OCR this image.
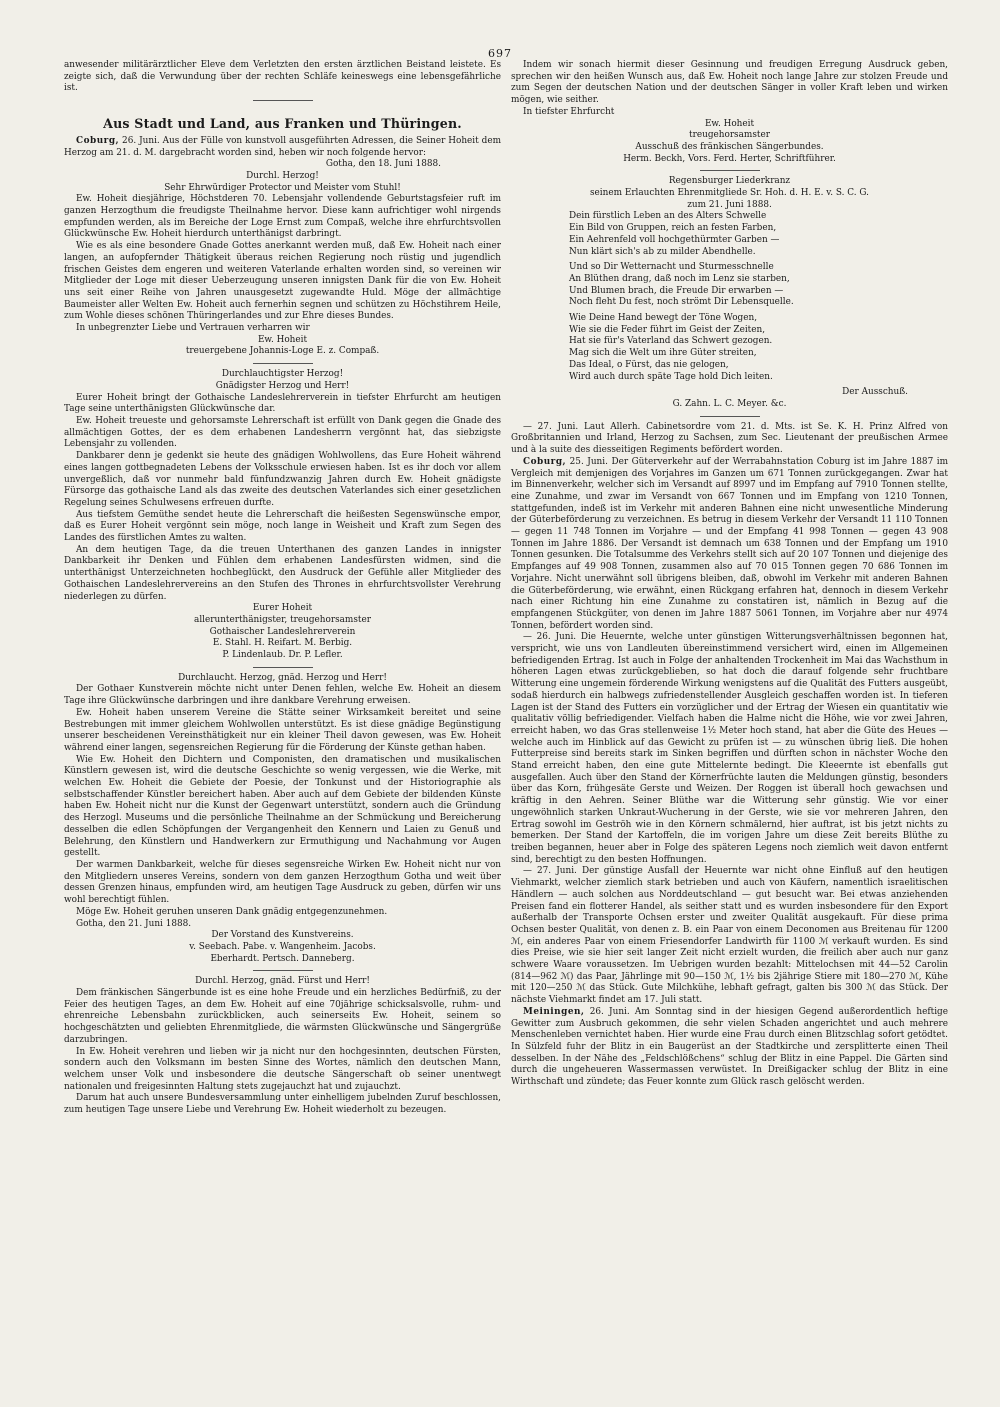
697

anwesender militärärztlicher Eleve dem Verletzten den ersten ärztlichen Beistand leistete. Es zeigte sich, daß die Verwundung über der rechten Schläfe keineswegs eine lebensgefährliche ist.

Aus Stadt und Land, aus Franken und Thüringen.

Coburg, 26. Juni. Aus der Fülle von kunstvoll ausgeführten Adressen, die Seiner Hoheit dem Herzog am 21. d. M. dargebracht worden sind, heben wir noch folgende hervor:

Gotha, den 18. Juni 1888.

Durchl. Herzog!

Sehr Ehrwürdiger Protector und Meister vom Stuhl!

Ew. Hoheit diesjährige, Höchstderen 70. Lebensjahr vollendende Geburtstagsfeier ruft im ganzen Herzogthum die freudigste Theilnahme hervor. Diese kann aufrichtiger wohl nirgends empfunden werden, als im Bereiche der Loge Ernst zum Compaß, welche ihre ehrfurchtsvollen Glückwünsche Ew. Hoheit hierdurch unterthänigst darbringt.

Wie es als eine besondere Gnade Gottes anerkannt werden muß, daß Ew. Hoheit nach einer langen, an aufopfernder Thätigkeit überaus reichen Regierung noch rüstig und jugendlich frischen Geistes dem engeren und weiteren Vaterlande erhalten worden sind, so vereinen wir Mitglieder der Loge mit dieser Ueberzeugung unseren innigsten Dank für die von Ew. Hoheit uns seit einer Reihe von Jahren unausgesetzt zugewandte Huld. Möge der allmächtige Baumeister aller Welten Ew. Hoheit auch fernerhin segnen und schützen zu Höchstihrem Heile, zum Wohle dieses schönen Thüringerlandes und zur Ehre dieses Bundes.

In unbegrenzter Liebe und Vertrauen verharren wir

Ew. Hoheit

treuergebene Johannis-Loge E. z. Compaß.

Durchlauchtigster Herzog!

Gnädigster Herzog und Herr!

Eurer Hoheit bringt der Gothaische Landeslehrerverein in tiefster Ehrfurcht am heutigen Tage seine unterthänigsten Glückwünsche dar.

Ew. Hoheit treueste und gehorsamste Lehrerschaft ist erfüllt von Dank gegen die Gnade des allmächtigen Gottes, der es dem erhabenen Landesherrn vergönnt hat, das siebzigste Lebensjahr zu vollenden.

Dankbarer denn je gedenkt sie heute des gnädigen Wohlwollens, das Eure Hoheit während eines langen gottbegnadeten Lebens der Volksschule erwiesen haben. Ist es ihr doch vor allem unvergeßlich, daß vor nunmehr bald fünfundzwanzig Jahren durch Ew. Hoheit gnädigste Fürsorge das gothaische Land als das zweite des deutschen Vaterlandes sich einer gesetzlichen Regelung seines Schulwesens erfreuen durfte.

Aus tiefstem Gemüthe sendet heute die Lehrerschaft die heißesten Segenswünsche empor, daß es Eurer Hoheit vergönnt sein möge, noch lange in Weisheit und Kraft zum Segen des Landes des fürstlichen Amtes zu walten.

An dem heutigen Tage, da die treuen Unterthanen des ganzen Landes in innigster Dankbarkeit ihr Denken und Fühlen dem erhabenen Landesfürsten widmen, sind die unterthänigst Unterzeichneten hochbeglückt, den Ausdruck der Gefühle aller Mitglieder des Gothaischen Landeslehrervereins an den Stufen des Thrones in ehrfurchtsvollster Verehrung niederlegen zu dürfen.

Eurer Hoheit

allerunterthänigster, treugehorsamster

Gothaischer Landeslehrerverein

E. Stahl. H. Reifart. M. Berbig.

P. Lindenlaub. Dr. P. Lefler.

Durchlaucht. Herzog, gnäd. Herzog und Herr!

Der Gothaer Kunstverein möchte nicht unter Denen fehlen, welche Ew. Hoheit an diesem Tage ihre Glückwünsche darbringen und ihre dankbare Verehrung erweisen.

Ew. Hoheit haben unserem Vereine die Stätte seiner Wirksamkeit bereitet und seine Bestrebungen mit immer gleichem Wohlwollen unterstützt. Es ist diese gnädige Begünstigung unserer bescheidenen Vereinsthätigkeit nur ein kleiner Theil davon gewesen, was Ew. Hoheit während einer langen, segensreichen Regierung für die Förderung der Künste gethan haben.

Wie Ew. Hoheit den Dichtern und Componisten, den dramatischen und musikalischen Künstlern gewesen ist, wird die deutsche Geschichte so wenig vergessen, wie die Werke, mit welchen Ew. Hoheit die Gebiete der Poesie, der Tonkunst und der Historiographie als selbstschaffender Künstler bereichert haben. Aber auch auf dem Gebiete der bildenden Künste haben Ew. Hoheit nicht nur die Kunst der Gegenwart unterstützt, sondern auch die Gründung des Herzogl. Museums und die persönliche Theilnahme an der Schmückung und Bereicherung desselben die edlen Schöpfungen der Vergangenheit den Kennern und Laien zu Genuß und Belehrung, den Künstlern und Handwerkern zur Ermuthigung und Nachahmung vor Augen gestellt.

Der warmen Dankbarkeit, welche für dieses segensreiche Wirken Ew. Hoheit nicht nur von den Mitgliedern unseres Vereins, sondern von dem ganzen Herzogthum Gotha und weit über dessen Grenzen hinaus, empfunden wird, am heutigen Tage Ausdruck zu geben, dürfen wir uns wohl berechtigt fühlen.

Möge Ew. Hoheit geruhen unseren Dank gnädig entgegenzunehmen.

Gotha, den 21. Juni 1888.

Der Vorstand des Kunstvereins.

v. Seebach. Pabe. v. Wangenheim. Jacobs.

Eberhardt. Pertsch. Danneberg.

Durchl. Herzog, gnäd. Fürst und Herr!

Dem fränkischen Sängerbunde ist es eine hohe Freude und ein herzliches Bedürfniß, zu der Feier des heutigen Tages, an dem Ew. Hoheit auf eine 70jährige schicksalsvolle, ruhm- und ehrenreiche Lebensbahn zurückblicken, auch seinerseits Ew. Hoheit, seinem so hochgeschätzten und geliebten Ehrenmitgliede, die wärmsten Glückwünsche und Sängergrüße darzubringen.

In Ew. Hoheit verehren und lieben wir ja nicht nur den hochgesinnten, deutschen Fürsten, sondern auch den Volksmann im besten Sinne des Wortes, nämlich den deutschen Mann, welchem unser Volk und insbesondere die deutsche Sängerschaft ob seiner unentwegt nationalen und freigesinnten Haltung stets zugejauchzt hat und zujauchzt.

Darum hat auch unsere Bundesversammlung unter einhelligem jubelnden Zuruf beschlossen, zum heutigen Tage unsere Liebe und Verehrung Ew. Hoheit wiederholt zu bezeugen.

Indem wir sonach hiermit dieser Gesinnung und freudigen Erregung Ausdruck geben, sprechen wir den heißen Wunsch aus, daß Ew. Hoheit noch lange Jahre zur stolzen Freude und zum Segen der deutschen Nation und der deutschen Sänger in voller Kraft leben und wirken mögen, wie seither.

In tiefster Ehrfurcht

Ew. Hoheit

treugehorsamster

Ausschuß des fränkischen Sängerbundes.

Herm. Beckh, Vors. Ferd. Herter, Schriftführer.

Regensburger Liederkranz

seinem Erlauchten Ehrenmitgliede Sr. Hoh. d. H. E. v. S. C. G.

zum 21. Juni 1888.

Dein fürstlich Leben an des Alters Schwelle

Ein Bild von Gruppen, reich an festen Farben,

Ein Aehrenfeld voll hochgethürmter Garben —

Nun klärt sich's ab zu milder Abendhelle.

Und so Dir Wetternacht und Sturmesschnelle

An Blüthen drang, daß noch im Lenz sie starben,

Und Blumen brach, die Freude Dir erwarben —

Noch fleht Du fest, noch strömt Dir Lebensquelle.

Wie Deine Hand bewegt der Töne Wogen,

Wie sie die Feder führt im Geist der Zeiten,

Hat sie für's Vaterland das Schwert gezogen.

Mag sich die Welt um ihre Güter streiten,

Das Ideal, o Fürst, das nie gelogen,

Wird auch durch späte Tage hold Dich leiten.

Der Ausschuß.

G. Zahn. L. C. Meyer. &c.

— 27. Juni. Laut Allerh. Cabinetsordre vom 21. d. Mts. ist Se. K. H. Prinz Alfred von Großbritannien und Irland, Herzog zu Sachsen, zum Sec. Lieutenant der preußischen Armee und à la suite des diesseitigen Regiments befördert worden.

Coburg, 25. Juni. Der Güterverkehr auf der Werrabahnstation Coburg ist im Jahre 1887 im Vergleich mit demjenigen des Vorjahres im Ganzen um 671 Tonnen zurückgegangen. Zwar hat im Binnenverkehr, welcher sich im Versandt auf 8997 und im Empfang auf 7910 Tonnen stellte, eine Zunahme, und zwar im Versandt von 667 Tonnen und im Empfang von 1210 Tonnen, stattgefunden, indeß ist im Verkehr mit anderen Bahnen eine nicht unwesentliche Minderung der Güterbeförderung zu verzeichnen. Es betrug in diesem Verkehr der Versandt 11 110 Tonnen — gegen 11 748 Tonnen im Vorjahre — und der Empfang 41 998 Tonnen — gegen 43 908 Tonnen im Jahre 1886. Der Versandt ist demnach um 638 Tonnen und der Empfang um 1910 Tonnen gesunken. Die Totalsumme des Verkehrs stellt sich auf 20 107 Tonnen und diejenige des Empfanges auf 49 908 Tonnen, zusammen also auf 70 015 Tonnen gegen 70 686 Tonnen im Vorjahre. Nicht unerwähnt soll übrigens bleiben, daß, obwohl im Verkehr mit anderen Bahnen die Güterbeförderung, wie erwähnt, einen Rückgang erfahren hat, dennoch in diesem Verkehr nach einer Richtung hin eine Zunahme zu constatiren ist, nämlich in Bezug auf die empfangenen Stückgüter, von denen im Jahre 1887 5061 Tonnen, im Vorjahre aber nur 4974 Tonnen, befördert worden sind.

— 26. Juni. Die Heuernte, welche unter günstigen Witterungsverhältnissen begonnen hat, verspricht, wie uns von Landleuten übereinstimmend versichert wird, einen im Allgemeinen befriedigenden Ertrag. Ist auch in Folge der anhaltenden Trockenheit im Mai das Wachsthum in höheren Lagen etwas zurückgeblieben, so hat doch die darauf folgende sehr fruchtbare Witterung eine ungemein förderende Wirkung wenigstens auf die Qualität des Futters ausgeübt, sodaß hierdurch ein halbwegs zufriedenstellender Ausgleich geschaffen worden ist. In tieferen Lagen ist der Stand des Futters ein vorzüglicher und der Ertrag der Wiesen ein quantitativ wie qualitativ völlig befriedigender. Vielfach haben die Halme nicht die Höhe, wie vor zwei Jahren, erreicht haben, wo das Gras stellenweise 1½ Meter hoch stand, hat aber die Güte des Heues — welche auch im Hinblick auf das Gewicht zu prüfen ist — zu wünschen übrig ließ. Die hohen Futterpreise sind bereits stark im Sinken begriffen und dürften schon in nächster Woche den Stand erreicht haben, den eine gute Mittelernte bedingt. Die Kleeernte ist ebenfalls gut ausgefallen. Auch über den Stand der Körnerfrüchte lauten die Meldungen günstig, besonders über das Korn, frühgesäte Gerste und Weizen. Der Roggen ist überall hoch gewachsen und kräftig in den Aehren. Seiner Blüthe war die Witterung sehr günstig. Wie vor einer ungewöhnlich starken Unkraut-Wucherung in der Gerste, wie sie vor mehreren Jahren, den Ertrag sowohl im Geströh wie in den Körnern schmälernd, hier auftrat, ist bis jetzt nichts zu bemerken. Der Stand der Kartoffeln, die im vorigen Jahre um diese Zeit bereits Blüthe zu treiben begannen, heuer aber in Folge des späteren Legens noch ziemlich weit davon entfernt sind, berechtigt zu den besten Hoffnungen.

— 27. Juni. Der günstige Ausfall der Heuernte war nicht ohne Einfluß auf den heutigen Viehmarkt, welcher ziemlich stark betrieben und auch von Käufern, namentlich israelitischen Händlern — auch solchen aus Norddeutschland — gut besucht war. Bei etwas anziehenden Preisen fand ein flotterer Handel, als seither statt und es wurden insbesondere für den Export außerhalb der Transporte Ochsen erster und zweiter Qualität ausgekauft. Für diese prima Ochsen bester Qualität, von denen z. B. ein Paar von einem Deconomen aus Breitenau für 1200 ℳ, ein anderes Paar von einem Friesendorfer Landwirth für 1100 ℳ verkauft wurden. Es sind dies Preise, wie sie hier seit langer Zeit nicht erzielt wurden, die freilich aber auch nur ganz schwere Waare voraussetzen. Im Uebrigen wurden bezahlt: Mittelochsen mit 44—52 Carolin (814—962 ℳ) das Paar, Jährlinge mit 90—150 ℳ, 1½ bis 2jährige Stiere mit 180—270 ℳ, Kühe mit 120—250 ℳ das Stück. Gute Milchkühe, lebhaft gefragt, galten bis 300 ℳ das Stück. Der nächste Viehmarkt findet am 17. Juli statt.

Meiningen, 26. Juni. Am Sonntag sind in der hiesigen Gegend außerordentlich heftige Gewitter zum Ausbruch gekommen, die sehr vielen Schaden angerichtet und auch mehrere Menschenleben vernichtet haben. Hier wurde eine Frau durch einen Blitzschlag sofort getödtet. In Sülzfeld fuhr der Blitz in ein Baugerüst an der Stadtkirche und zersplitterte einen Theil desselben. In der Nähe des „Feldschlößchens“ schlug der Blitz in eine Pappel. Die Gärten sind durch die ungeheueren Wassermassen verwüstet. In Dreißigacker schlug der Blitz in eine Wirthschaft und zündete; das Feuer konnte zum Glück rasch gelöscht werden.
